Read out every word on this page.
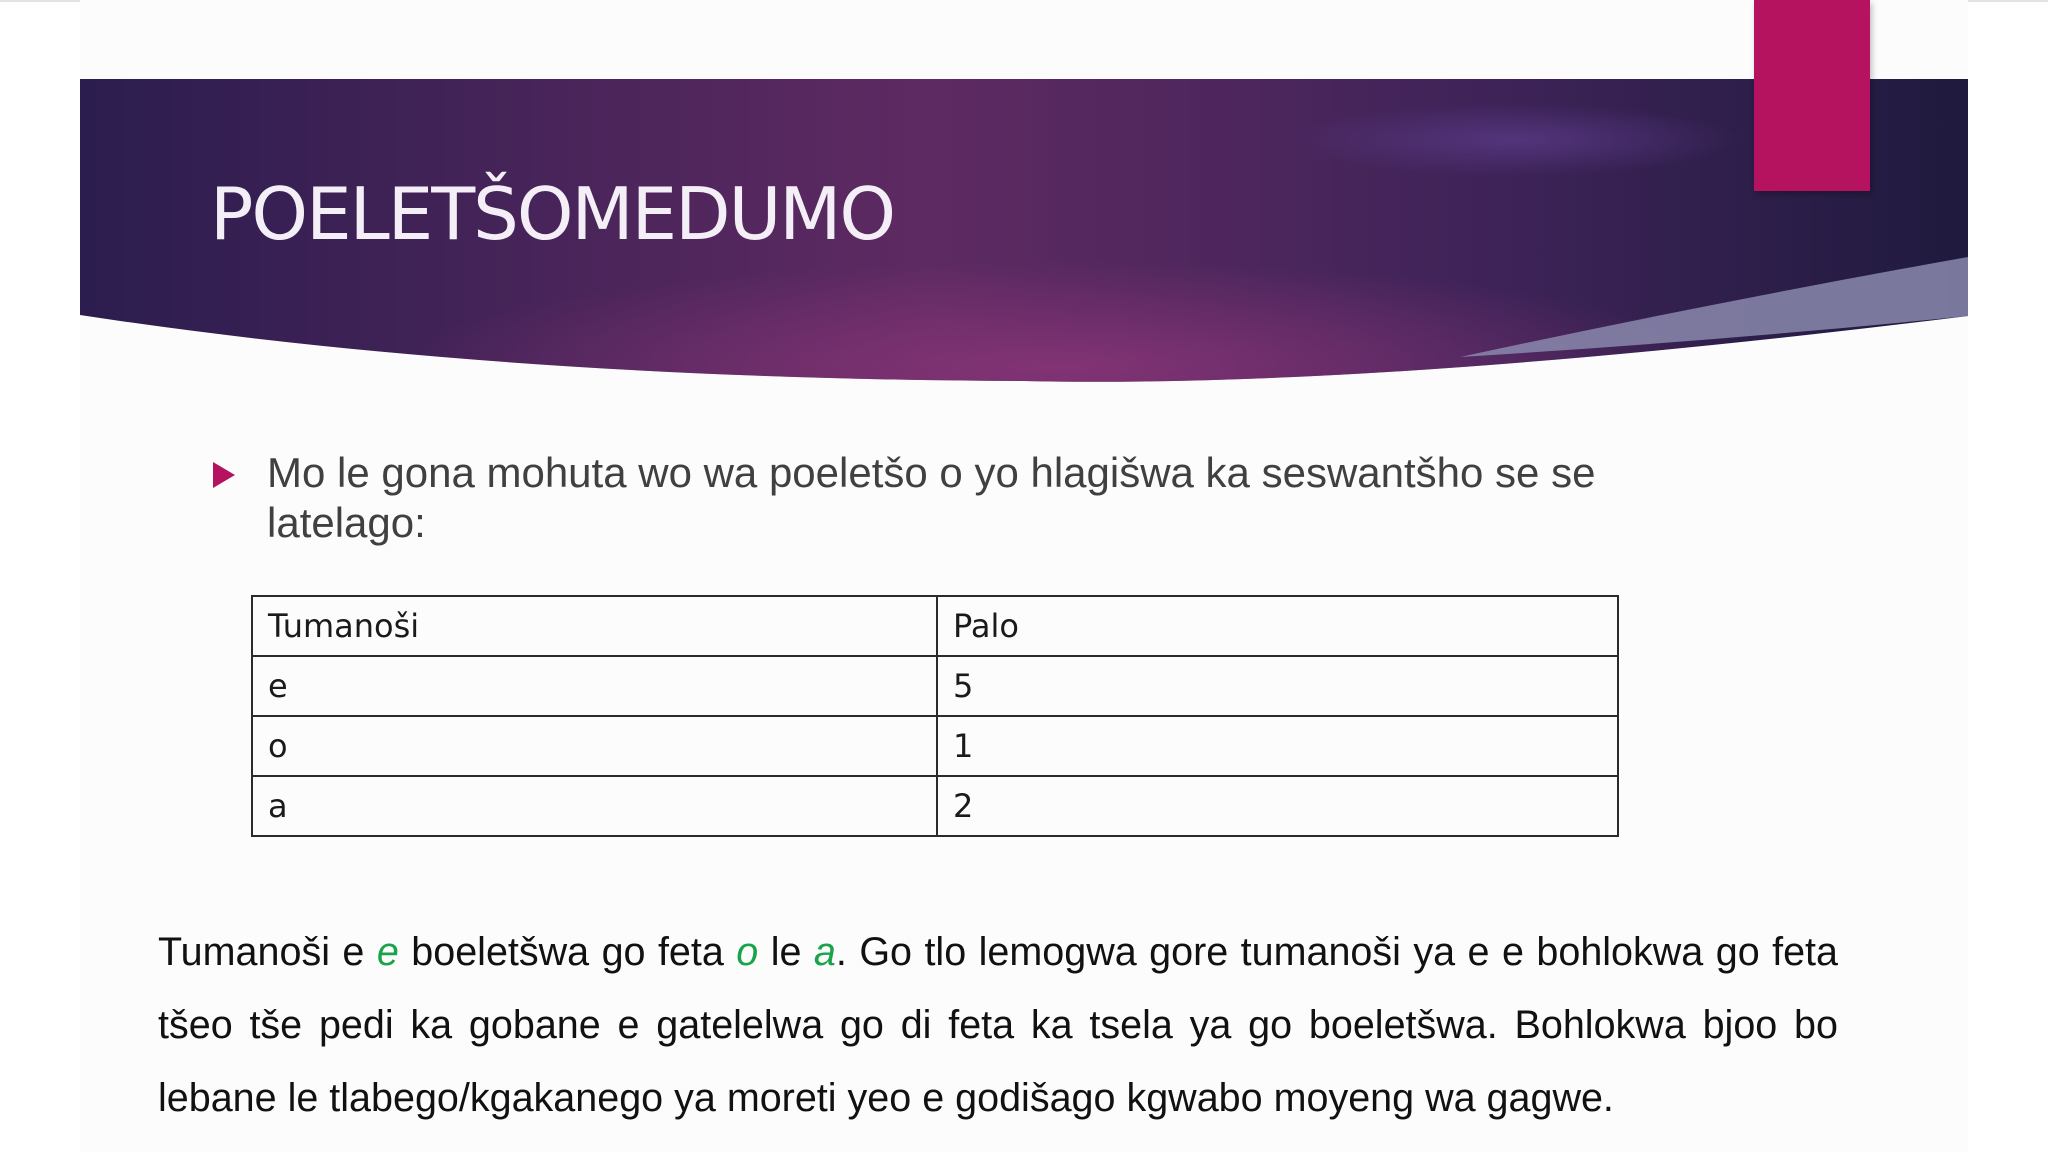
POELETŠOMEDUMO
Mo le gona mohuta wo wa poeletšo o yo hlagišwa ka seswantšho se se latelago:
Tumanoši	Palo
e	5
o	1
a	2

Tumanoši e e boeletšwa go feta o le a. Go tlo lemogwa gore tumanoši ya e e bohlokwa go feta tšeo tše pedi ka gobane e gatelelwa go di feta ka tsela ya go boeletšwa. Bohlokwa bjoo bo lebane le tlabego/kgakanego ya moreti yeo e godišago kgwabo moyeng wa gagwe.
